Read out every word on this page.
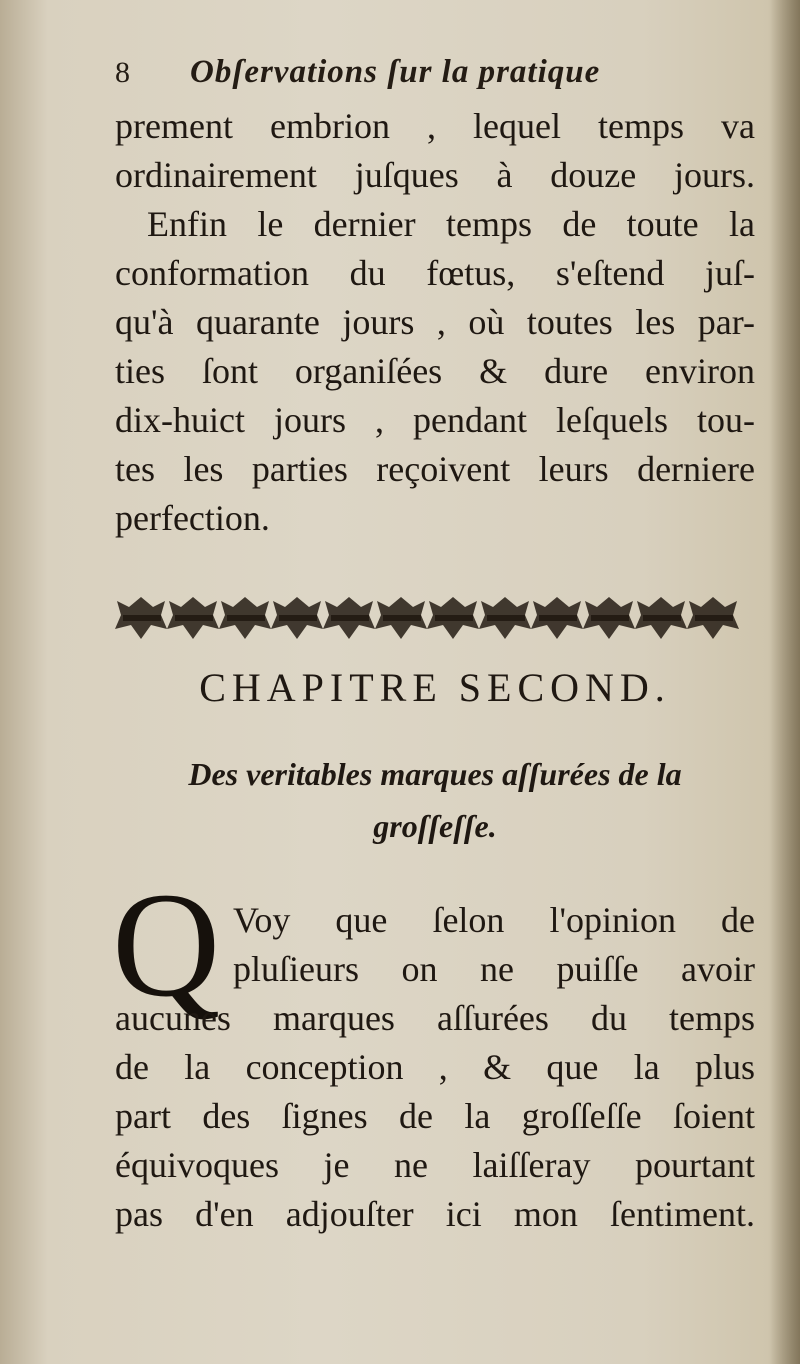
8 Obſervations ſur la pratique
prement embrion , lequel temps va
ordinairement juſques à douze jours.
Enfin le dernier temps de toute la
conformation du fœtus, s'eſtend juſ-
qu'à quarante jours , où toutes les par-
ties ſont organiſées & dure environ
dix-huict jours , pendant leſquels tou-
tes les parties reçoivent leurs derniere
perfection.
CHAPITRE SECOND.
Des veritables marques aſſurées de la
groſſeſſe.
Q Voy que ſelon l'opinion de
pluſieurs on ne puiſſe avoir
aucunes marques aſſurées du temps
de la conception , & que la plus
part des ſignes de la groſſeſſe ſoient
équivoques je ne laiſſeray pourtant
pas d'en adjouſter ici mon ſentiment.
